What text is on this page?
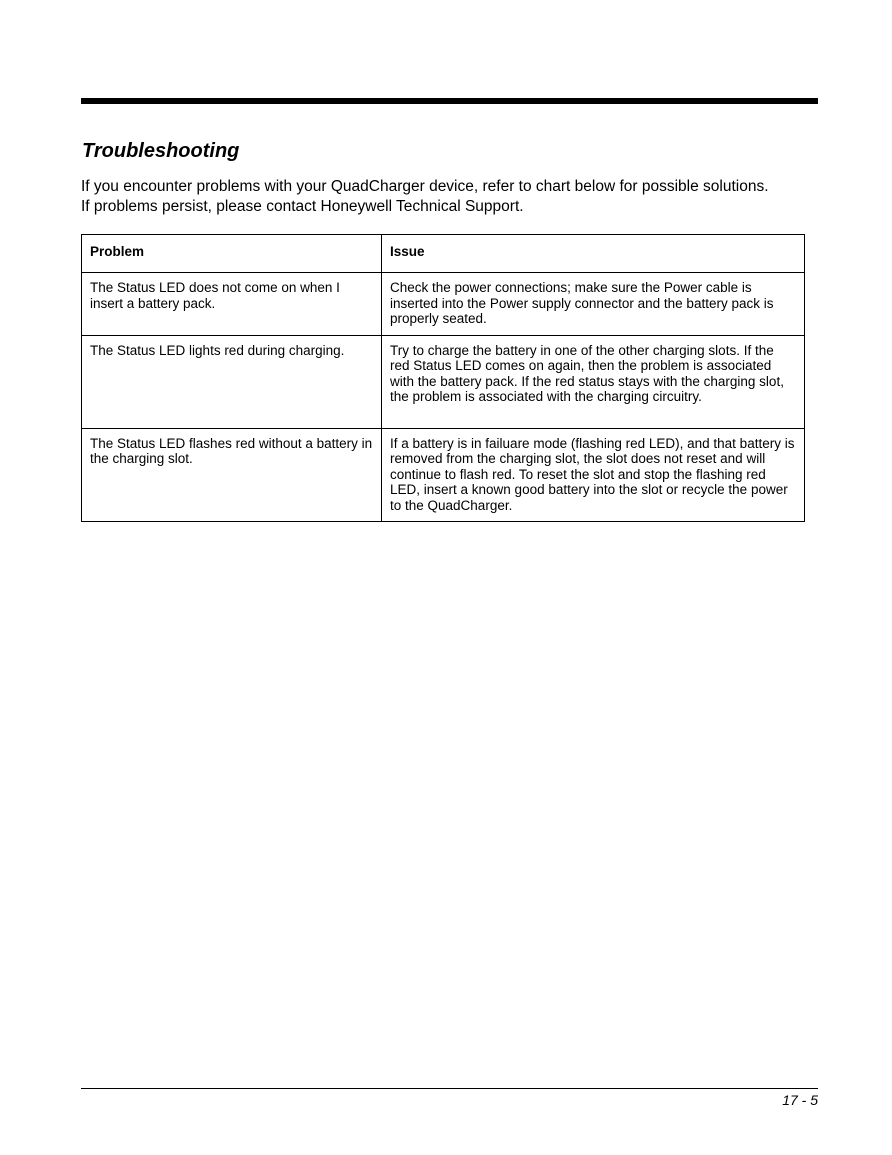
Troubleshooting

If you encounter problems with your QuadCharger device, refer to chart below for possible solutions.

If problems persist, please contact Honeywell Technical Support.

Problem	Issue
The Status LED does not come on when I insert a battery pack.	Check the power connections; make sure the Power cable is inserted into the Power supply connector and the battery pack is properly seated.
The Status LED lights red during charging.	Try to charge the battery in one of the other charging slots. If the red Status LED comes on again, then the problem is associated with the battery pack. If the red status stays with the charging slot, the problem is associated with the charging circuitry.
The Status LED flashes red without a battery in the charging slot.	If a battery is in failuare mode (flashing red LED), and that battery is removed from the charging slot, the slot does not reset and will continue to flash red. To reset the slot and stop the flashing red LED, insert a known good battery into the slot or recycle the power to the QuadCharger.
17 - 5
